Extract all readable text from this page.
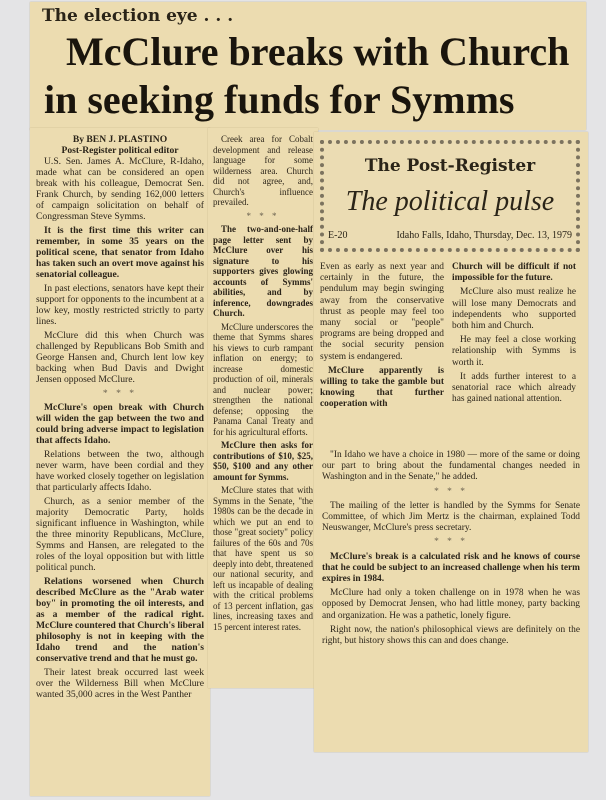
The election eye . . .
McClure breaks with Church
in seeking funds for Symms
The Post-Register
The political pulse
E-20	Idaho Falls, Idaho, Thursday, Dec. 13, 1979

By BEN J. PLASTINO

Post-Register political editor

U.S. Sen. James A. McClure, R-Idaho, made what can be considered an open break with his colleague, Democrat Sen. Frank Church, by sending 162,000 letters of campaign solicitation on behalf of Congressman Steve Symms.

It is the first time this writer can remember, in some 35 years on the political scene, that senator from Idaho has taken such an overt move against his senatorial colleague.

In past elections, senators have kept their support for opponents to the incumbent at a low key, mostly restricted strictly to party lines.

McClure did this when Church was challenged by Republicans Bob Smith and George Hansen and, Church lent low key backing when Bud Davis and Dwight Jensen opposed McClure.

* * *

McClure's open break with Church will widen the gap between the two and could bring adverse impact to legislation that affects Idaho.

Relations between the two, although never warm, have been cordial and they have worked closely together on legislation that particularly affects Idaho.

Church, as a senior member of the majority Democratic Party, holds significant influence in Washington, while the three minority Republicans, McClure, Symms and Hansen, are relegated to the roles of the loyal opposition but with little political punch.

Relations worsened when Church described McClure as the "Arab water boy" in promoting the oil interests, and as a member of the radical right. McClure countered that Church's liberal philosophy is not in keeping with the Idaho trend and the nation's conservative trend and that he must go.

Their latest break occurred last week over the Wilderness Bill when McClure wanted 35,000 acres in the West Panther

Creek area for Cobalt development and release language for some wilderness area. Church did not agree, and, Church's influence prevailed.

* * *

The two-and-one-half page letter sent by McClure over his signature to his supporters gives glowing accounts of Symms' abilities, and by inference, downgrades Church.

McClure underscores the theme that Symms shares his views to curb rampant inflation on energy; to increase domestic production of oil, minerals and nuclear power; strengthen the national defense; opposing the Panama Canal Treaty and for his agricultural efforts.

McClure then asks for contributions of $10, $25, $50, $100 and any other amount for Symms.

McClure states that with Symms in the Senate, "the 1980s can be the decade in which we put an end to those "great society" policy failures of the 60s and 70s that have spent us so deeply into debt, threatened our national security, and left us incapable of dealing with the critical problems of 13 percent inflation, gas lines, increasing taxes and 15 percent interest rates.

Even as early as next year and certainly in the future, the pendulum may begin swinging away from the conservative thrust as people may feel too many social or "people" programs are being dropped and the social security pension system is endangered.

McClure apparently is willing to take the gamble but knowing that further cooperation with

Church will be difficult if not impossible for the future.

McClure also must realize he will lose many Democrats and independents who supported both him and Church.

He may feel a close working relationship with Symms is worth it.

It adds further interest to a senatorial race which already has gained national attention.

"In Idaho we have a choice in 1980 — more of the same or doing our part to bring about the fundamental changes needed in Washington and in the Senate," he added.

* * *

The mailing of the letter is handled by the Symms for Senate Committee, of which Jim Mertz is the chairman, explained Todd Neuswanger, McClure's press secretary.

* * *

McClure's break is a calculated risk and he knows of course that he could be subject to an increased challenge when his term expires in 1984.

McClure had only a token challenge on in 1978 when he was opposed by Democrat Jensen, who had little money, party backing and organization. He was a pathetic, lonely figure.

Right now, the nation's philosophical views are definitely on the right, but history shows this can and does change.
